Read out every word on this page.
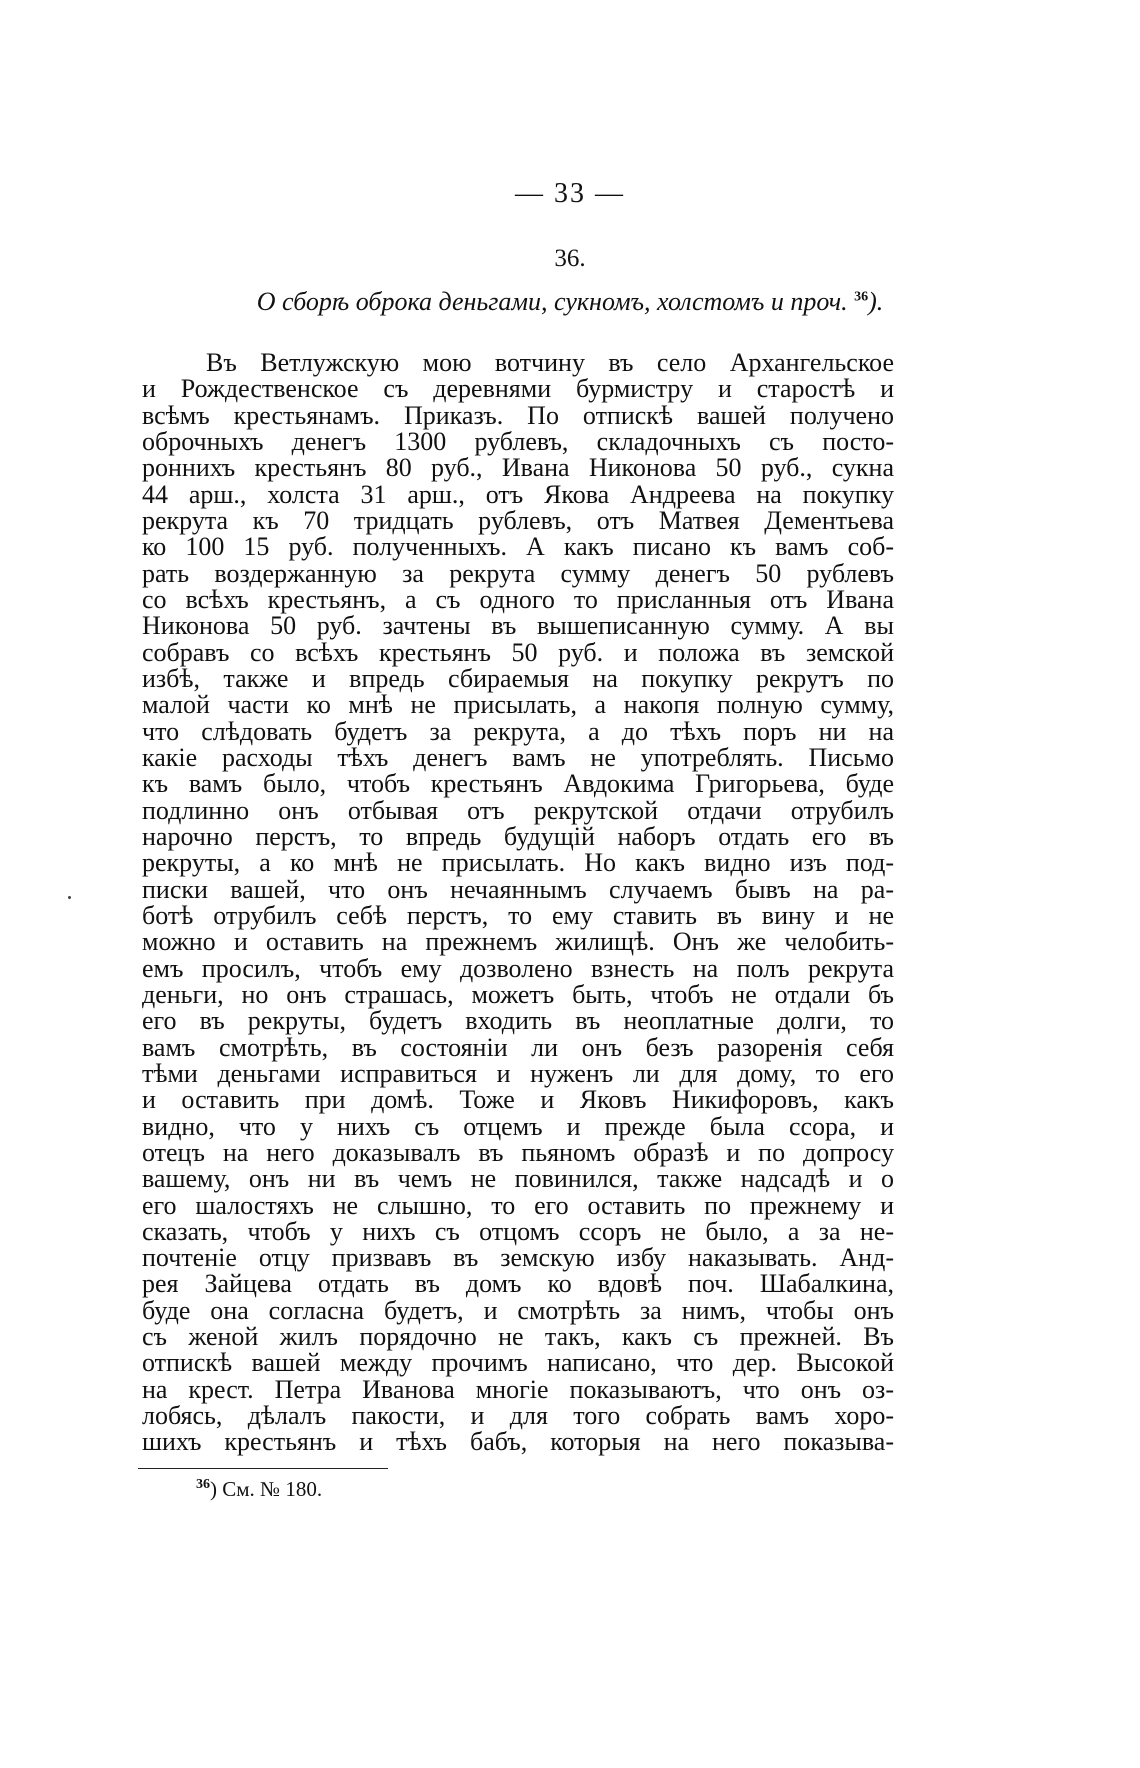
— 33 —
36.
О сборѣ оброка деньгами, сукномъ, холстомъ и проч. $^{36}$).
Въ Ветлужскую мою вотчину въ село Архангельское
и Рождественское съ деревнями бурмистру и старостѣ и
всѣмъ крестьянамъ. Приказъ. По отпискѣ вашей получено
оброчныхъ денегъ 1300 рублевъ, складочныхъ съ посто-
роннихъ крестьянъ 80 руб., Ивана Никонова 50 руб., сукна
44 арш., холста 31 арш., отъ Якова Андреева на покупку
рекрута къ 70 тридцать рублевъ, отъ Матвея Дементьева
ко 100 15 руб. полученныхъ. А какъ писано къ вамъ соб-
рать воздержанную за рекрута сумму денегъ 50 рублевъ
со всѣхъ крестьянъ, а съ одного то присланныя отъ Ивана
Никонова 50 руб. зачтены въ вышеписанную сумму. А вы
собравъ со всѣхъ крестьянъ 50 руб. и положа въ земской
избѣ, также и впредь сбираемыя на покупку рекрутъ по
малой части ко мнѣ не присылать, а накопя полную сумму,
что слѣдовать будетъ за рекрута, а до тѣхъ поръ ни на
какіе расходы тѣхъ денегъ вамъ не употреблять. Письмо
къ вамъ было, чтобъ крестьянъ Авдокима Григорьева, буде
подлинно онъ отбывая отъ рекрутской отдачи отрубилъ
нарочно перстъ, то впредь будущій наборъ отдать его въ
рекруты, а ко мнѣ не присылать. Но какъ видно изъ под-
писки вашей, что онъ нечаяннымъ случаемъ бывъ на ра-
ботѣ отрубилъ себѣ перстъ, то ему ставить въ вину и не
можно и оставить на прежнемъ жилищѣ. Онъ же челобить-
емъ просилъ, чтобъ ему дозволено взнесть на полъ рекрута
деньги, но онъ страшась, можетъ быть, чтобъ не отдали бъ
его въ рекруты, будетъ входить въ неоплатные долги, то
вамъ смотрѣть, въ состояніи ли онъ безъ разоренія себя
тѣми деньгами исправиться и нуженъ ли для дому, то его
и оставить при домѣ. Тоже и Яковъ Никифоровъ, какъ
видно, что у нихъ съ отцемъ и прежде была ссора, и
отецъ на него доказывалъ въ пьяномъ образѣ и по допросу
вашему, онъ ни въ чемъ не повинился, также надсадѣ и о
его шалостяхъ не слышно, то его оставить по прежнему и
сказать, чтобъ у нихъ съ отцомъ ссоръ не было, а за не-
почтеніе отцу призвавъ въ земскую избу наказывать. Анд-
рея Зайцева отдать въ домъ ко вдовѣ поч. Шабалкина,
буде она согласна будетъ, и смотрѣть за нимъ, чтобы онъ
съ женой жилъ порядочно не такъ, какъ съ прежней. Въ
отпискѣ вашей между прочимъ написано, что дер. Высокой
на крест. Петра Иванова многіе показываютъ, что онъ оз-
лобясь, дѣлалъ пакости, и для того собрать вамъ хоро-
шихъ крестьянъ и тѣхъ бабъ, которыя на него показыва-
$^{36}$) См. № 180.
